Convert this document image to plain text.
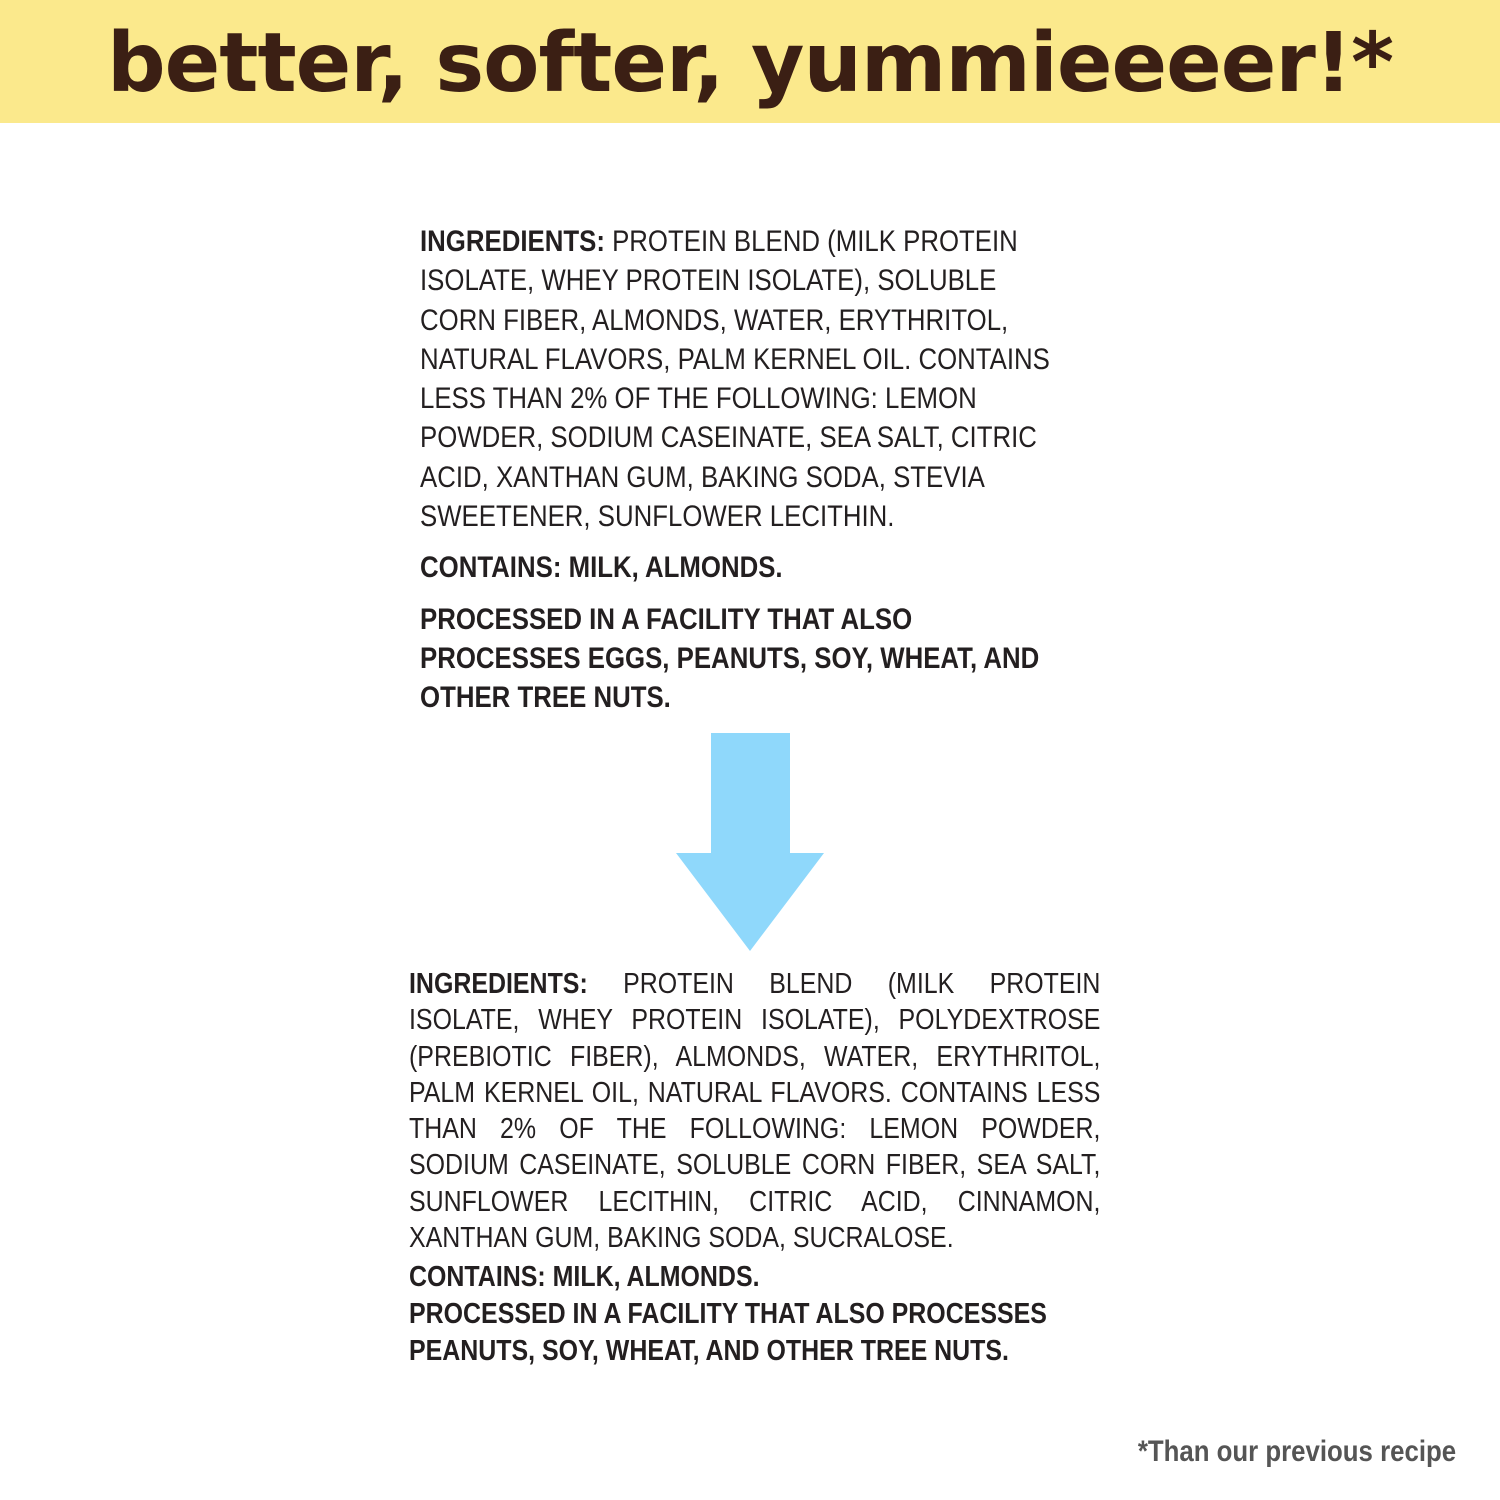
better, softer, yummieeeer!*

INGREDIENTS: PROTEIN BLEND (MILK PROTEIN ISOLATE, WHEY PROTEIN ISOLATE), SOLUBLE CORN FIBER, ALMONDS, WATER, ERYTHRITOL, NATURAL FLAVORS, PALM KERNEL OIL. CONTAINS LESS THAN 2% OF THE FOLLOWING: LEMON POWDER, SODIUM CASEINATE, SEA SALT, CITRIC ACID, XANTHAN GUM, BAKING SODA, STEVIA SWEETENER, SUNFLOWER LECITHIN.

CONTAINS: MILK, ALMONDS.

PROCESSED IN A FACILITY THAT ALSO PROCESSES EGGS, PEANUTS, SOY, WHEAT, AND OTHER TREE NUTS.

INGREDIENTS: PROTEIN BLEND (MILK PROTEIN ISOLATE, WHEY PROTEIN ISOLATE), POLYDEXTROSE (PREBIOTIC FIBER), ALMONDS, WATER, ERYTHRITOL, PALM KERNEL OIL, NATURAL FLAVORS. CONTAINS LESS THAN 2% OF THE FOLLOWING: LEMON POWDER, SODIUM CASEINATE, SOLUBLE CORN FIBER, SEA SALT, SUNFLOWER LECITHIN, CITRIC ACID, CINNAMON, XANTHAN GUM, BAKING SODA, SUCRALOSE.

CONTAINS: MILK, ALMONDS.

PROCESSED IN A FACILITY THAT ALSO PROCESSES PEANUTS, SOY, WHEAT, AND OTHER TREE NUTS.

*Than our previous recipe
